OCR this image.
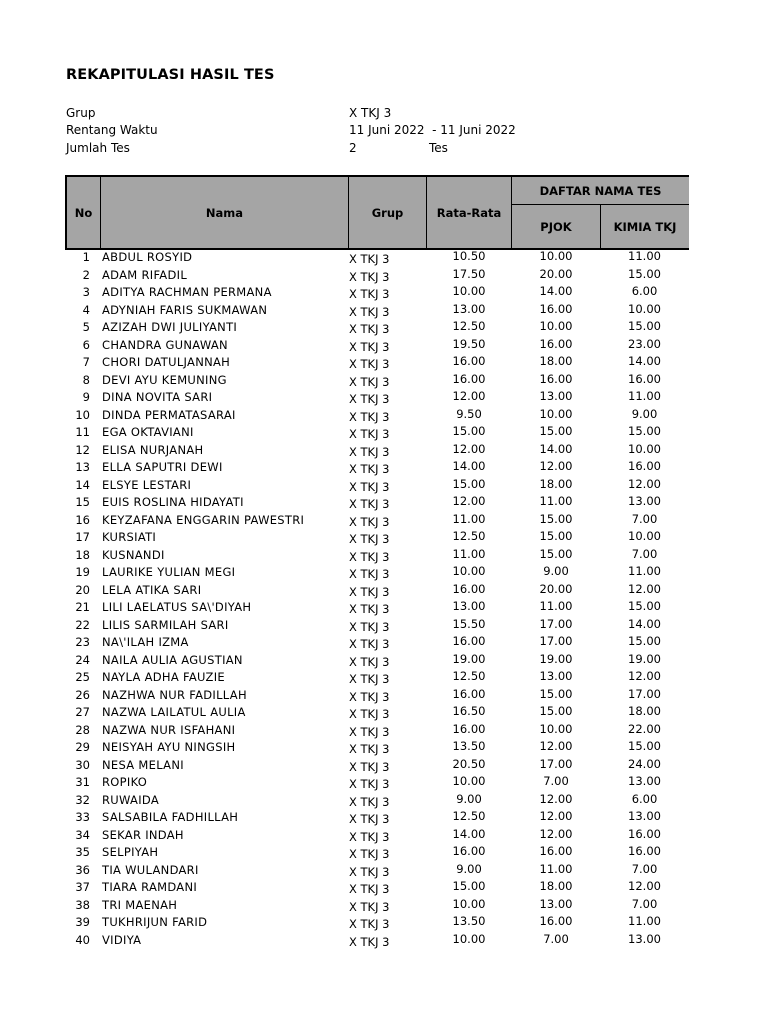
REKAPITULASI HASIL TES
Grup	X TKJ 3
Rentang Waktu	11 Juni 2022  - 11 Juni 2022
Jumlah Tes	2	Tes
No	Nama	Grup	Rata-Rata
DAFTAR NAMA TES
PJOK	KIMIA TKJ
1 ABDUL ROSYID	X TKJ 3	10.50	10.00	11.00
2 ADAM RIFADIL	X TKJ 3	17.50	20.00	15.00
3 ADITYA RACHMAN PERMANA	X TKJ 3	10.00	14.00	6.00
4 ADYNIAH FARIS SUKMAWAN	X TKJ 3	13.00	16.00	10.00
5 AZIZAH DWI JULIYANTI	X TKJ 3	12.50	10.00	15.00
6 CHANDRA GUNAWAN	X TKJ 3	19.50	16.00	23.00
7 CHORI DATULJANNAH	X TKJ 3	16.00	18.00	14.00
8 DEVI AYU KEMUNING	X TKJ 3	16.00	16.00	16.00
9 DINA NOVITA SARI	X TKJ 3	12.00	13.00	11.00
10 DINDA PERMATASARAI	X TKJ 3	9.50	10.00	9.00
11 EGA OKTAVIANI	X TKJ 3	15.00	15.00	15.00
12 ELISA NURJANAH	X TKJ 3	12.00	14.00	10.00
13 ELLA SAPUTRI DEWI	X TKJ 3	14.00	12.00	16.00
14 ELSYE LESTARI	X TKJ 3	15.00	18.00	12.00
15 EUIS ROSLINA HIDAYATI	X TKJ 3	12.00	11.00	13.00
16 KEYZAFANA ENGGARIN PAWESTRI	X TKJ 3	11.00	15.00	7.00
17 KURSIATI	X TKJ 3	12.50	15.00	10.00
18 KUSNANDI	X TKJ 3	11.00	15.00	7.00
19 LAURIKE YULIAN MEGI	X TKJ 3	10.00	9.00	11.00
20 LELA ATIKA SARI	X TKJ 3	16.00	20.00	12.00
21 LILI LAELATUS SA\'DIYAH	X TKJ 3	13.00	11.00	15.00
22 LILIS SARMILAH SARI	X TKJ 3	15.50	17.00	14.00
23 NA\'ILAH IZMA	X TKJ 3	16.00	17.00	15.00
24 NAILA AULIA AGUSTIAN	X TKJ 3	19.00	19.00	19.00
25 NAYLA ADHA FAUZIE	X TKJ 3	12.50	13.00	12.00
26 NAZHWA NUR FADILLAH	X TKJ 3	16.00	15.00	17.00
27 NAZWA LAILATUL AULIA	X TKJ 3	16.50	15.00	18.00
28 NAZWA NUR ISFAHANI	X TKJ 3	16.00	10.00	22.00
29 NEISYAH AYU NINGSIH	X TKJ 3	13.50	12.00	15.00
30 NESA MELANI	X TKJ 3	20.50	17.00	24.00
31 ROPIKO	X TKJ 3	10.00	7.00	13.00
32 RUWAIDA	X TKJ 3	9.00	12.00	6.00
33 SALSABILA FADHILLAH	X TKJ 3	12.50	12.00	13.00
34 SEKAR INDAH	X TKJ 3	14.00	12.00	16.00
35 SELPIYAH	X TKJ 3	16.00	16.00	16.00
36 TIA WULANDARI	X TKJ 3	9.00	11.00	7.00
37 TIARA RAMDANI	X TKJ 3	15.00	18.00	12.00
38 TRI MAENAH	X TKJ 3	10.00	13.00	7.00
39 TUKHRIJUN FARID	X TKJ 3	13.50	16.00	11.00
40 VIDIYA	X TKJ 3	10.00	7.00	13.00
